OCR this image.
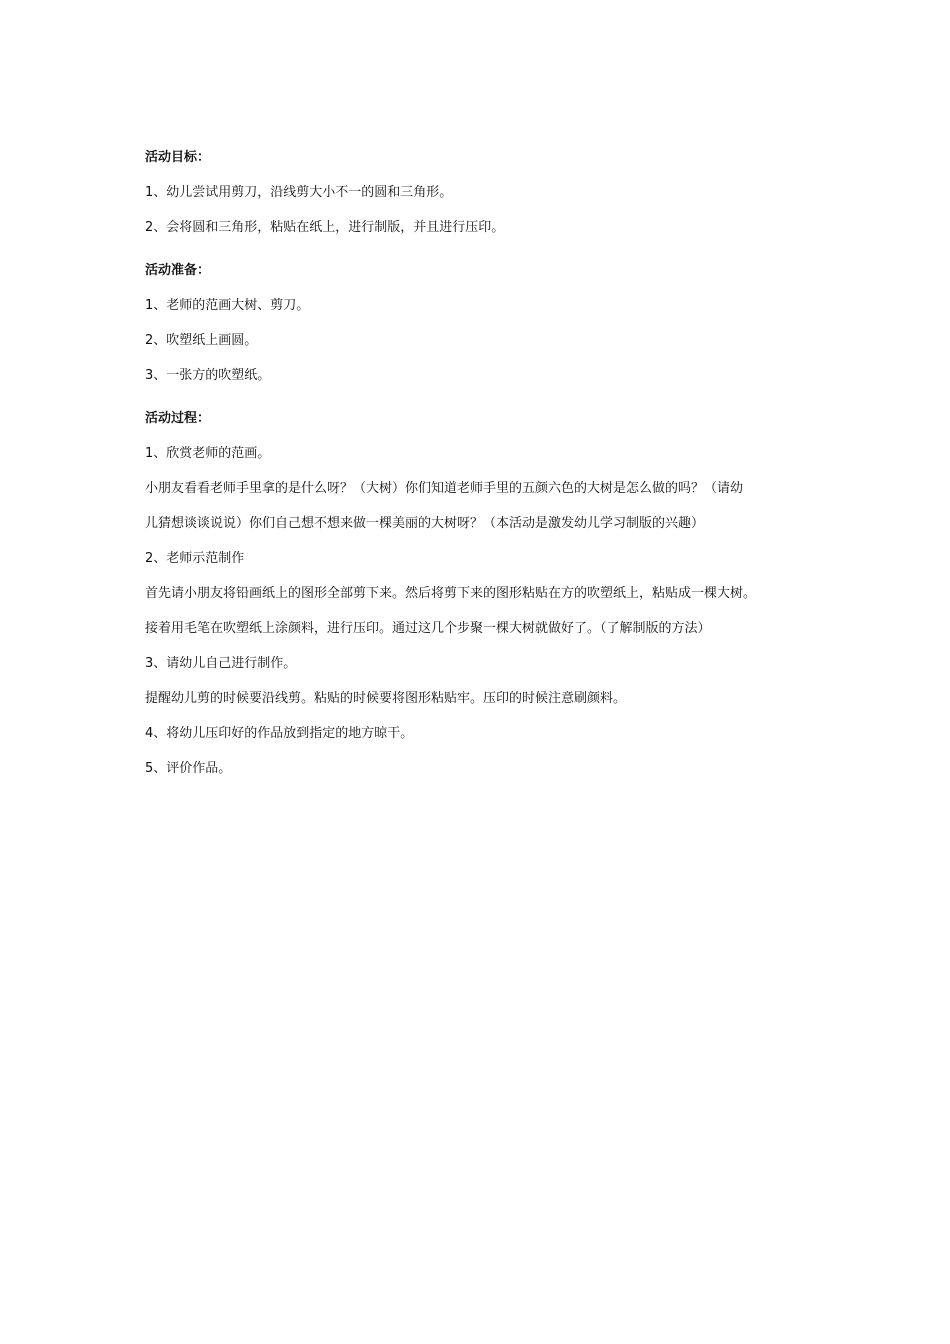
活动目标：
1、幼儿尝试用剪刀，沿线剪大小不一的圆和三角形。
2、会将圆和三角形，粘贴在纸上，进行制版，并且进行压印。
活动准备：
1、老师的范画大树、剪刀。
2、吹塑纸上画圆。
3、一张方的吹塑纸。
活动过程：
1、欣赏老师的范画。
小朋友看看老师手里拿的是什么呀？（大树）你们知道老师手里的五颜六色的大树是怎么做的吗？（请幼
儿猜想谈谈说说）你们自己想不想来做一棵美丽的大树呀？（本活动是激发幼儿学习制版的兴趣）
2、老师示范制作
首先请小朋友将铅画纸上的图形全部剪下来。然后将剪下来的图形粘贴在方的吹塑纸上，粘贴成一棵大树。
接着用毛笔在吹塑纸上涂颜料，进行压印。通过这几个步聚一棵大树就做好了。（了解制版的方法）
3、请幼儿自己进行制作。
提醒幼儿剪的时候要沿线剪。粘贴的时候要将图形粘贴牢。压印的时候注意刷颜料。
4、将幼儿压印好的作品放到指定的地方晾干。
5、评价作品。
